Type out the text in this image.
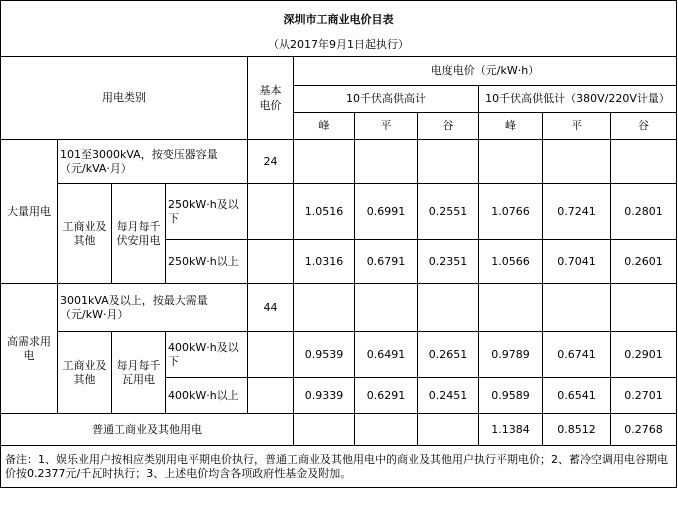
深圳市工商业电价目表										
（从2017年9月1日起执行）										
用电类别				基本
电价	电度电价（元/kW·h）					
					10千伏高供高计			10千伏高供低计（380V/220V计量）		
					峰	平	谷	峰	平	谷
大量用电	101至3000kVA，按变压器容量（元/kVA·月）			24						
	工商业及其他	每月每千伏安用电	250kW·h及以下		1.0516	0.6991	0.2551	1.0766	0.7241	0.2801
			250kW·h以上		1.0316	0.6791	0.2351	1.0566	0.7041	0.2601
高需求用电	3001kVA及以上，按最大需量（元/kW·月）			44						
	工商业及其他	每月每千瓦用电	400kW·h及以下		0.9539	0.6491	0.2651	0.9789	0.6741	0.2901
			400kW·h以上		0.9339	0.6291	0.2451	0.9589	0.6541	0.2701
普通工商业及其他用电								1.1384	0.8512	0.2768
备注：1、娱乐业用户按相应类别用电平期电价执行，普通工商业及其他用电中的商业及其他用户执行平期电价；2、蓄冷空调用电谷期电价按0.2377元/千瓦时执行；3、上述电价均含各项政府性基金及附加。										
